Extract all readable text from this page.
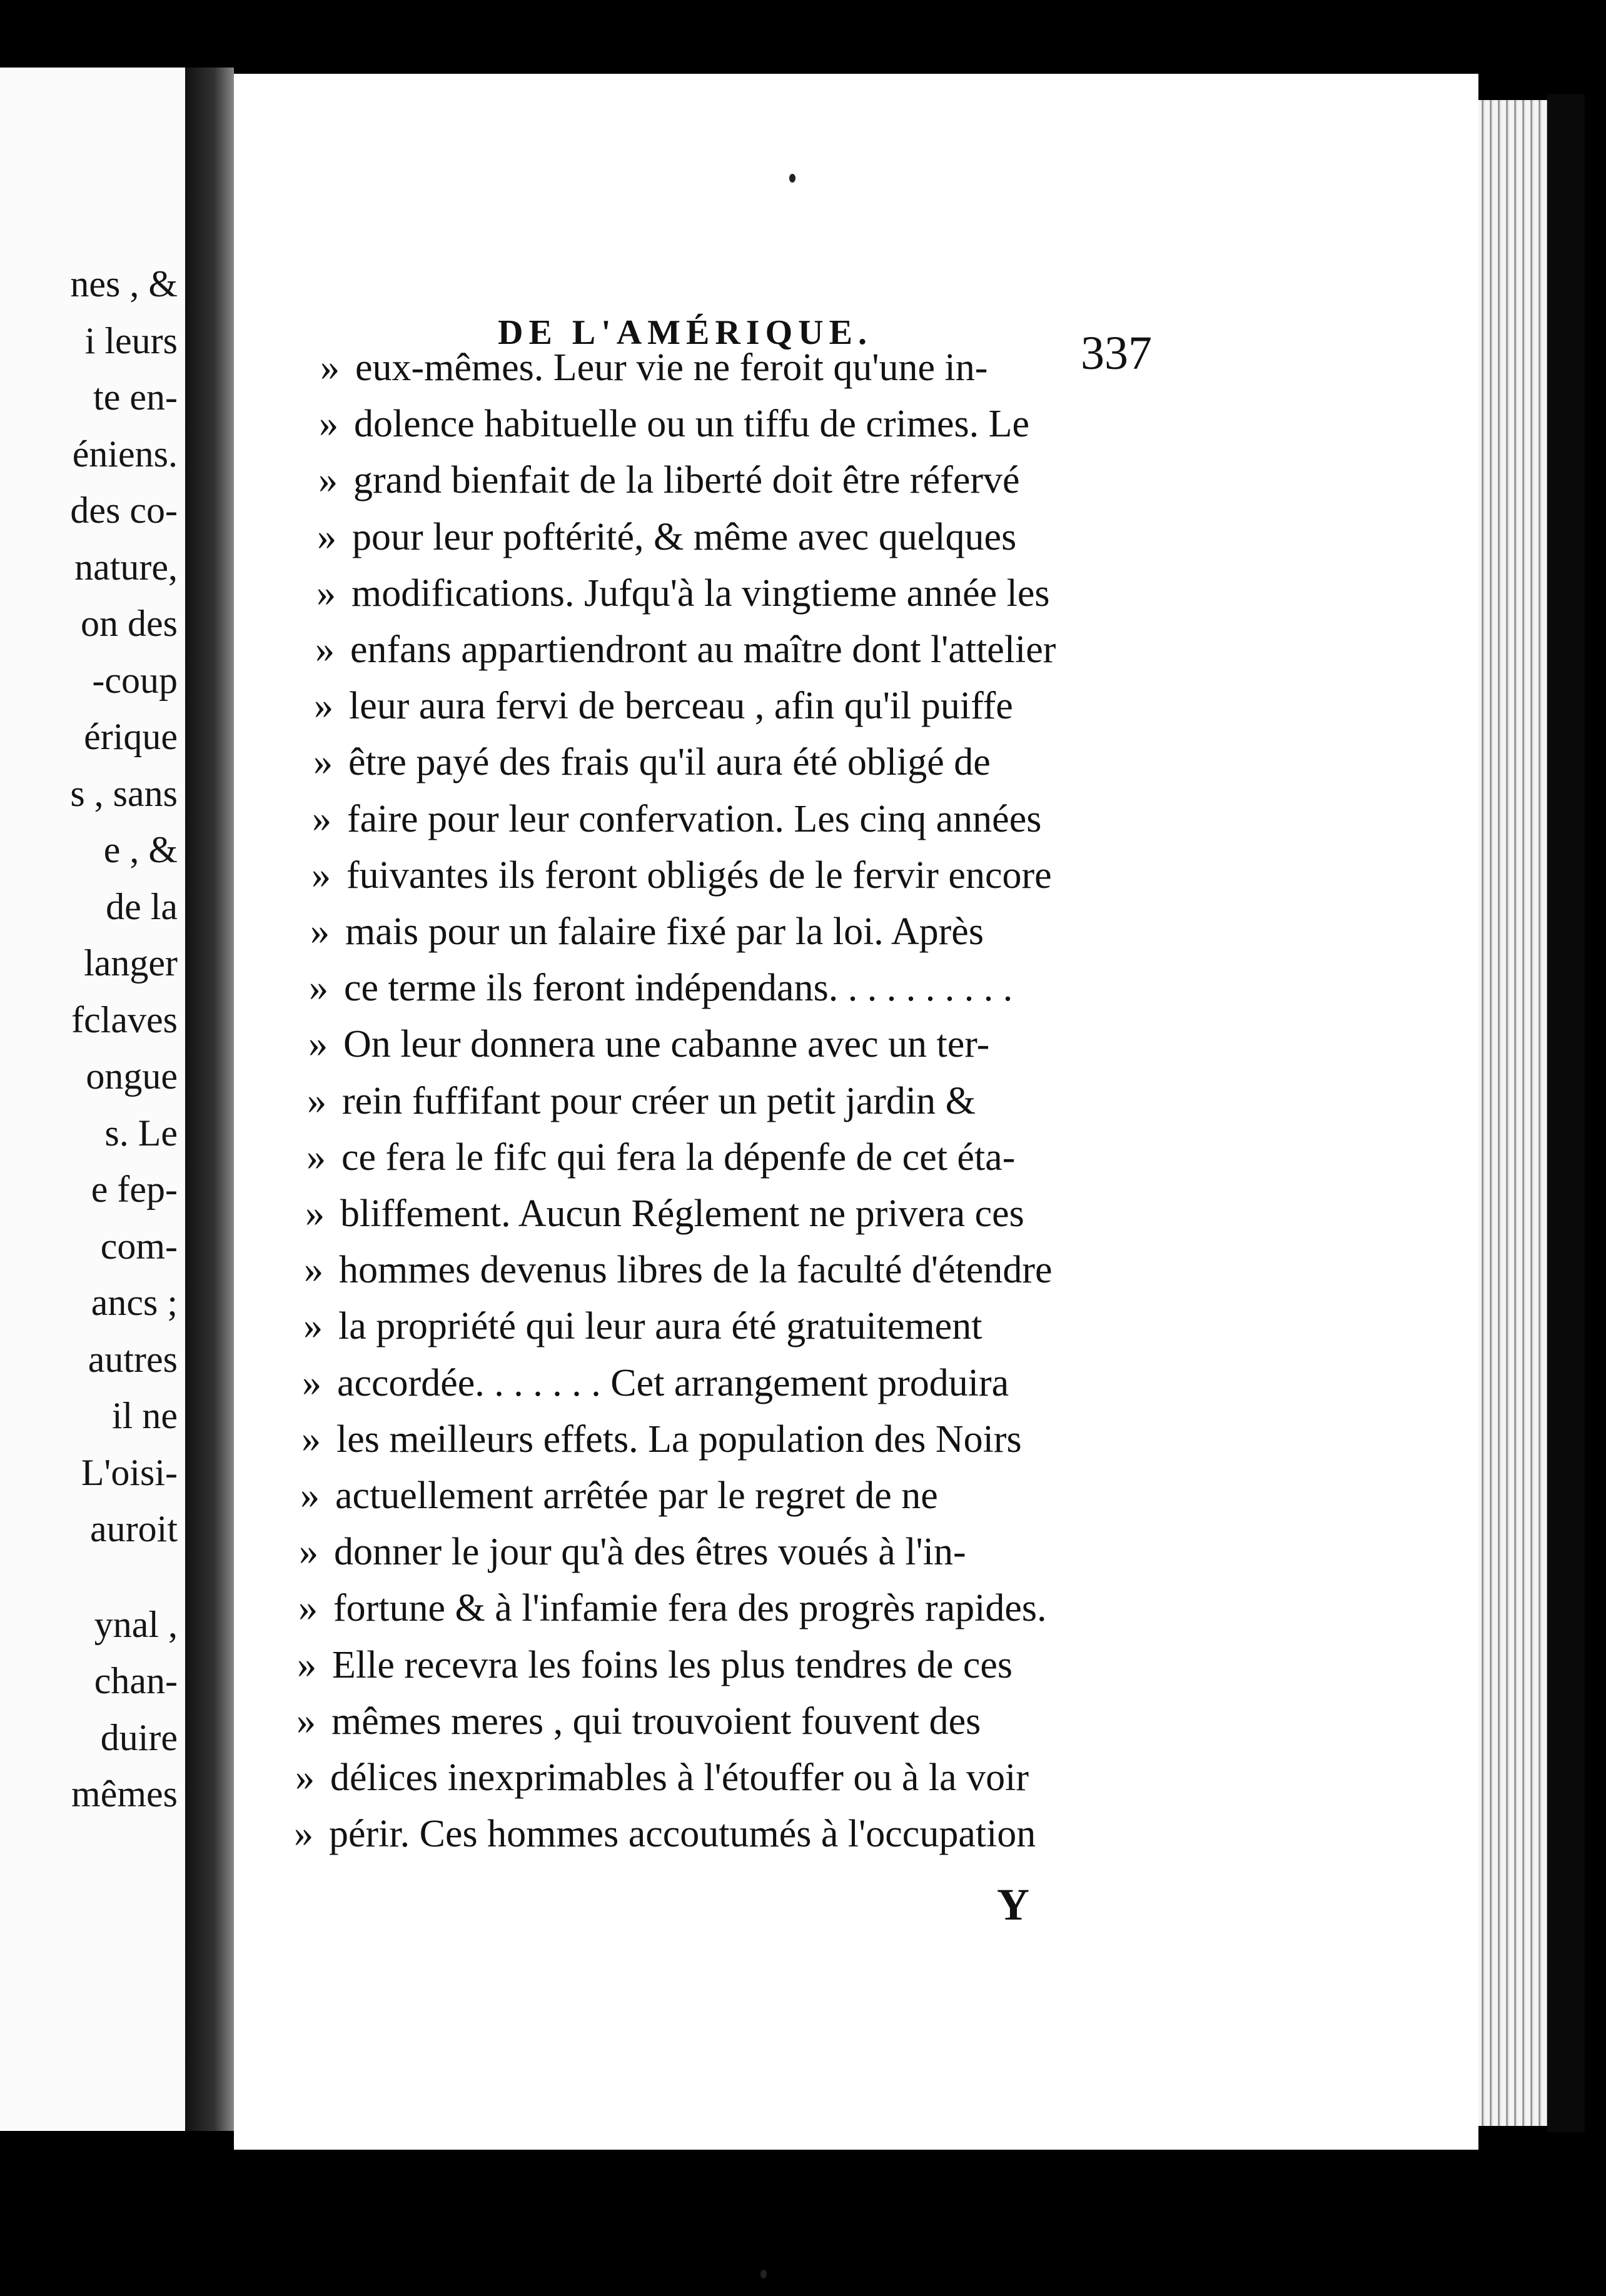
nes , &
i leurs
te en-
éniens.
des co-
nature,
on des
-coup
érique
s , sans
e , &
de la
langer
fclaves
ongue
s. Le
e fep-
com-
ancs ;
autres
il ne
L'oisi-
auroit
ynal ,
chan-
duire
mêmes
DE L'AMÉRIQUE.	337
» eux-mêmes. Leur vie ne feroit qu'une in-
» dolence habituelle ou un tiffu de crimes. Le
» grand bienfait de la liberté doit être réfervé
» pour leur poftérité, & même avec quelques
» modifications. Jufqu'à la vingtieme année les
» enfans appartiendront au maître dont l'attelier
» leur aura fervi de berceau , afin qu'il puiffe
» être payé des frais qu'il aura été obligé de
» faire pour leur confervation. Les cinq années
» fuivantes ils feront obligés de le fervir encore
» mais pour un falaire fixé par la loi. Après
» ce terme ils feront indépendans. . . . . . . . . .
» On leur donnera une cabanne avec un ter-
» rein fuffifant pour créer un petit jardin &
» ce fera le fifc qui fera la dépenfe de cet éta-
» bliffement. Aucun Réglement ne privera ces
» hommes devenus libres de la faculté d'étendre
» la propriété qui leur aura été gratuitement
» accordée. . . . . . . Cet arrangement produira
» les meilleurs effets. La population des Noirs
» actuellement arrêtée par le regret de ne
» donner le jour qu'à des êtres voués à l'in-
» fortune & à l'infamie fera des progrès rapides.
» Elle recevra les foins les plus tendres de ces
» mêmes meres , qui trouvoient fouvent des
» délices inexprimables à l'étouffer ou à la voir
» périr. Ces hommes accoutumés à l'occupation
Y
